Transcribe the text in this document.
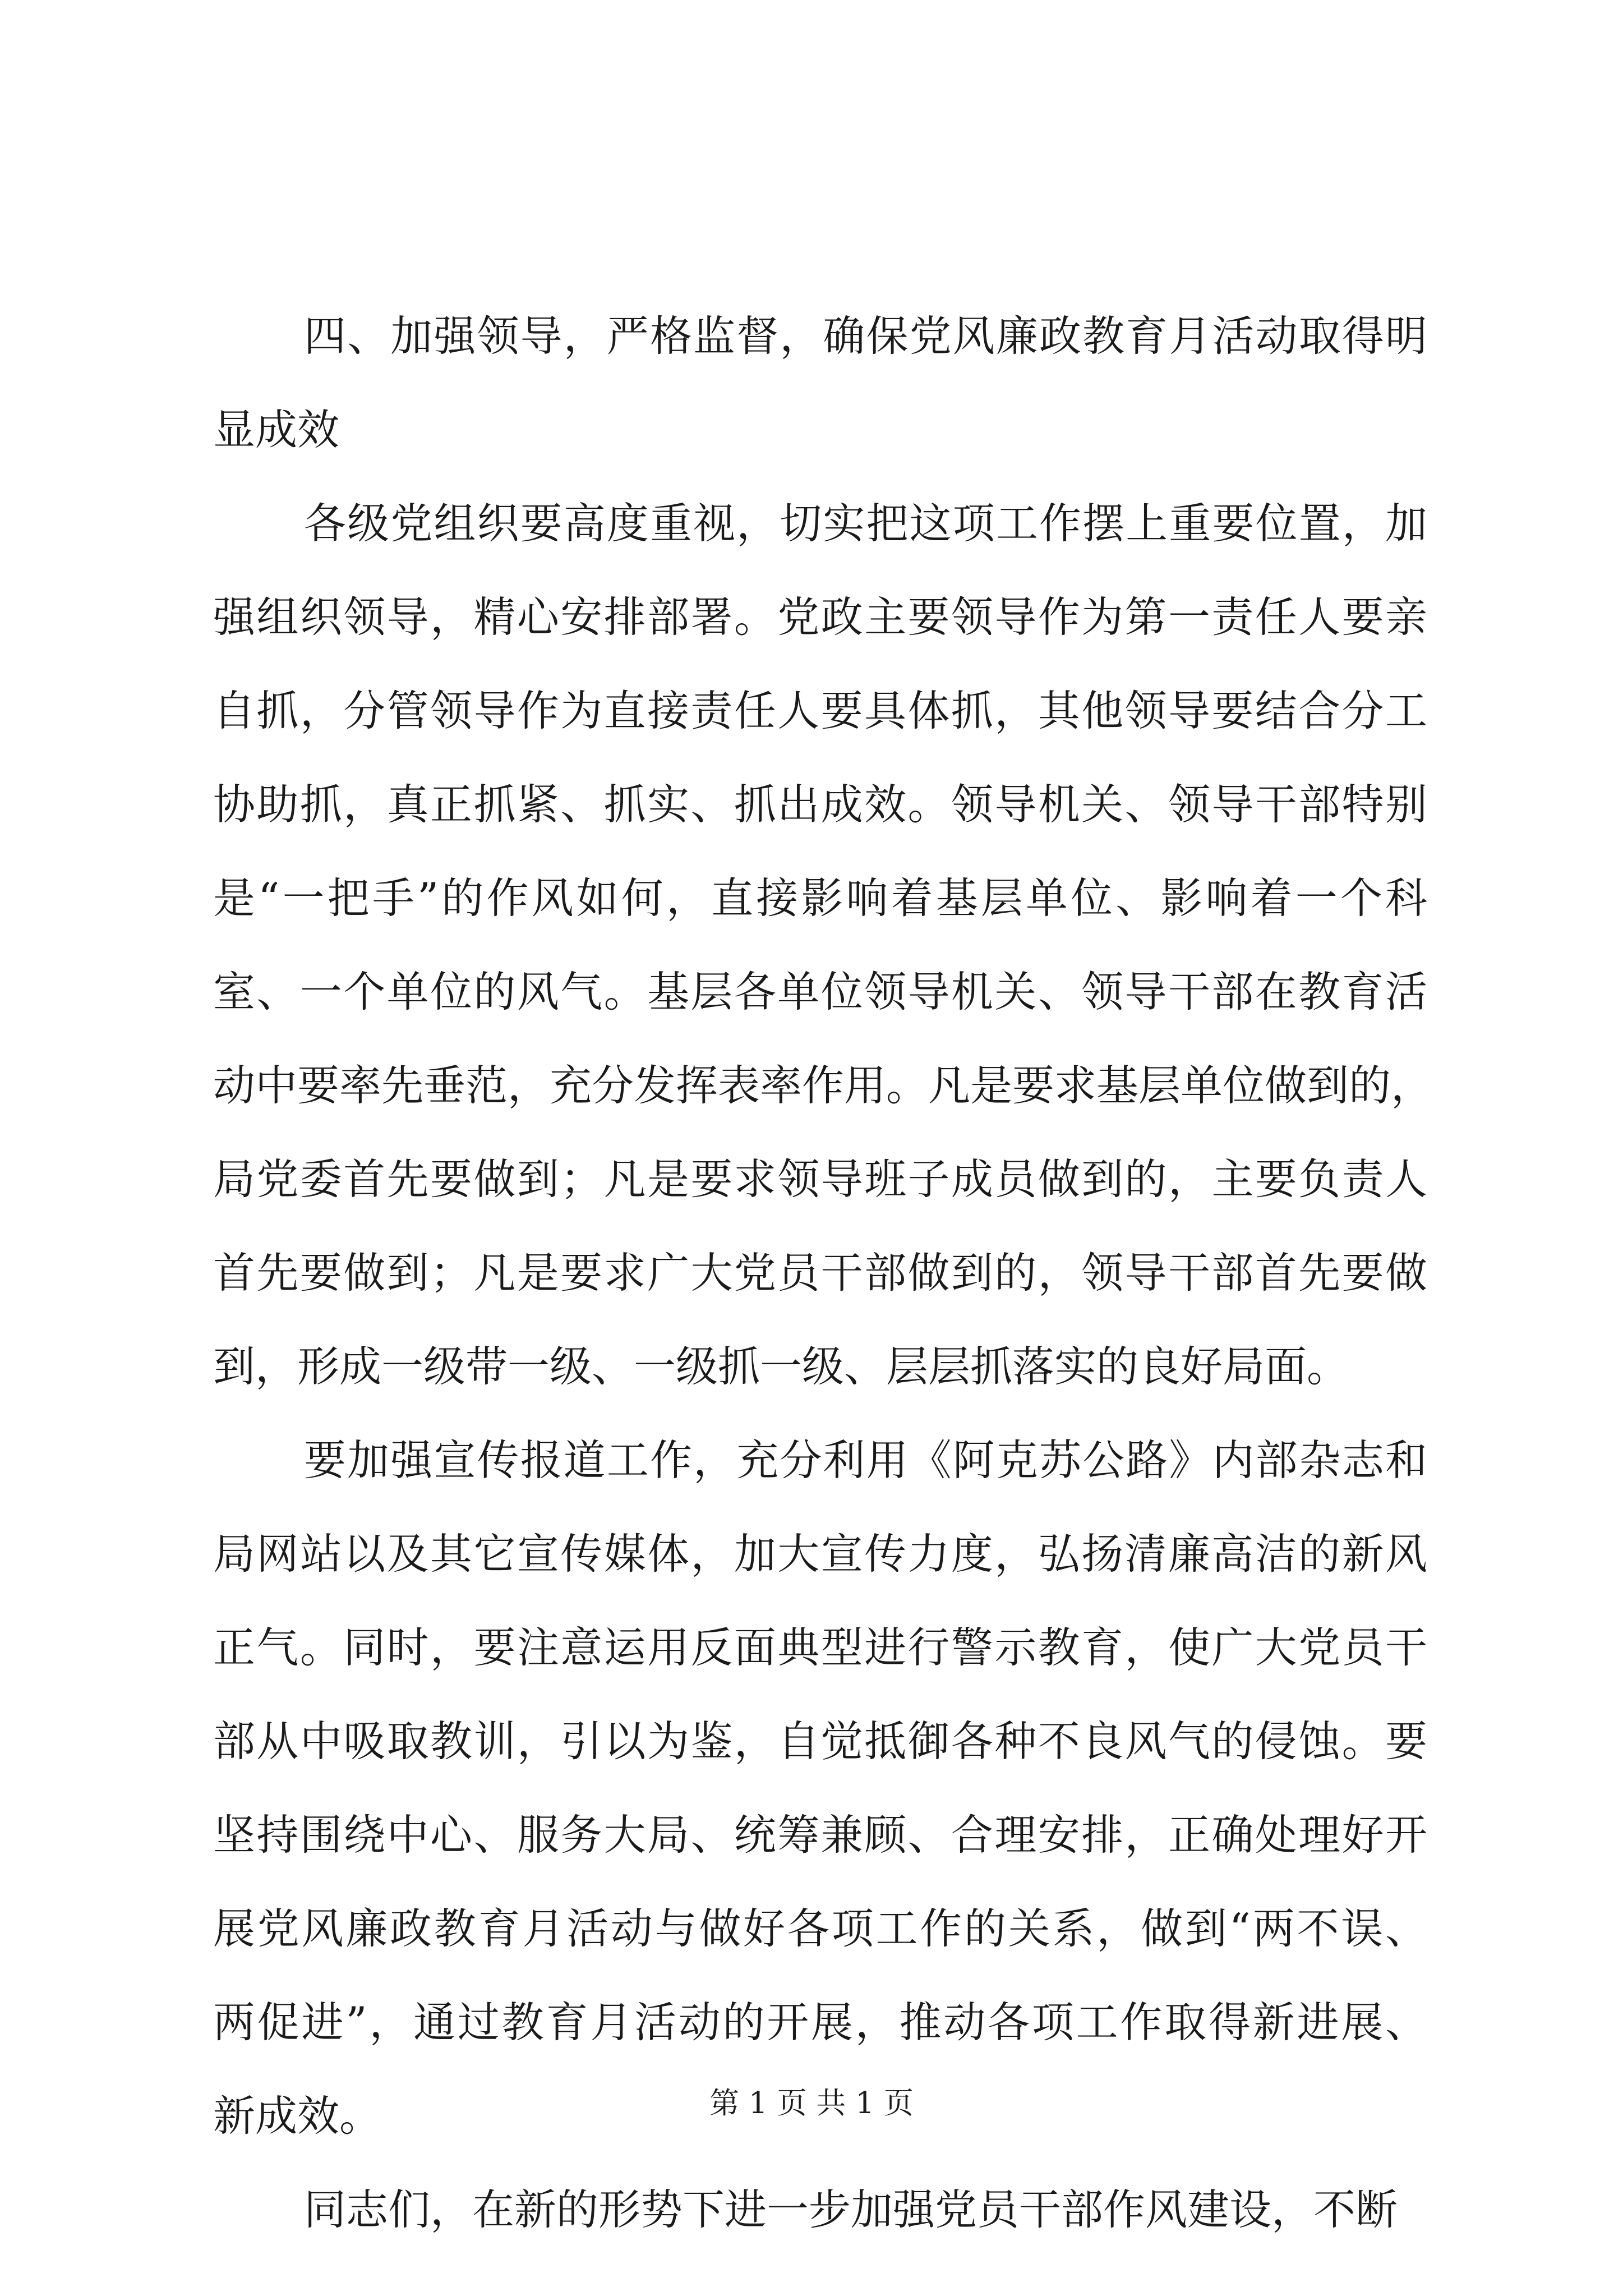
四、加强领导，严格监督，确保党风廉政教育月活动取得明
显成效
各级党组织要高度重视，切实把这项工作摆上重要位置，加
强组织领导，精心安排部署。党政主要领导作为第一责任人要亲
自抓，分管领导作为直接责任人要具体抓，其他领导要结合分工
协助抓，真正抓紧、抓实、抓出成效。领导机关、领导干部特别
是“一把手”的作风如何，直接影响着基层单位、影响着一个科
室、一个单位的风气。基层各单位领导机关、领导干部在教育活
动中要率先垂范，充分发挥表率作用。凡是要求基层单位做到的，
局党委首先要做到；凡是要求领导班子成员做到的，主要负责人
首先要做到；凡是要求广大党员干部做到的，领导干部首先要做
到，形成一级带一级、一级抓一级、层层抓落实的良好局面。
要加强宣传报道工作，充分利用《阿克苏公路》内部杂志和
局网站以及其它宣传媒体，加大宣传力度，弘扬清廉高洁的新风
正气。同时，要注意运用反面典型进行警示教育，使广大党员干
部从中吸取教训，引以为鉴，自觉抵御各种不良风气的侵蚀。要
坚持围绕中心、服务大局、统筹兼顾、合理安排，正确处理好开
展党风廉政教育月活动与做好各项工作的关系，做到“两不误、
两促进”，通过教育月活动的开展，推动各项工作取得新进展、
新成效。
同志们，在新的形势下进一步加强党员干部作风建设，不断
第 1 页 共 1 页
